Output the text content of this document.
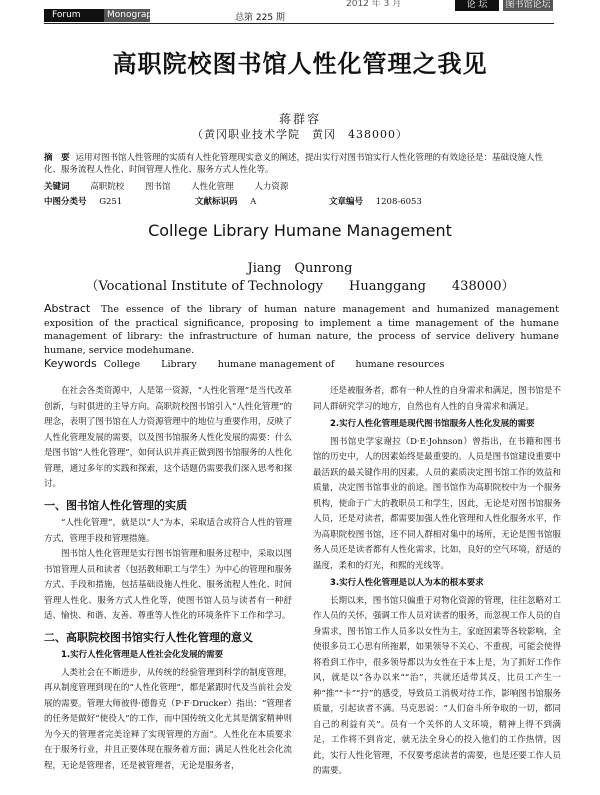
Forum	Monograph	总第 225 期
2012 年 3 月	论 坛	图书馆论坛
高职院校图书馆人性化管理之我见
蒋群容
（黄冈职业技术学院　黄冈　438000）
摘　要 运用对图书馆人性管理的实质有人性化管理现实意义的阐述，提出实行对图书馆实行人性化管理的有效途径是：基础设施人性化、服务流程人性化、时间管理人性化、服务方式人性化等。
关键词 高职院校 图书馆 人性化管理 人力资源
中图分类号 G251	文献标识码 A	文章编号 1208-6053
College Library Humane Management
Jiang　Qunrong
（Vocational Institute of Technology　　Huanggang　　438000）
Abstract The essence of the library of human nature management and humanized management exposition of the practical significance, proposing to implement a time management of the humane management of library: the infrastructure of human nature, the process of service delivery humane humane, service modehumane.
Keywords College Library humane management of humane resources

在社会各类资源中，人是第一资源，“人性化管理”是当代改革创新，与时俱进的主导方向。高职院校图书馆引入“人性化管理”的理念，表明了图书馆在人力资源管理中的地位与重要作用，反映了人性化管理发展的需要，以及图书馆服务人性化发展的需要：什么是图书馆“人性化管理”，如何认识并真正做到图书馆服务的人性化管理，通过多年的实践和探索，这个话题仍需要我们深入思考和探讨。

一、图书馆人性化管理的实质

“人性化管理”，就是以“人”为本，采取适合或符合人性的管理方式，管理手段和管理措施。

图书馆人性化管理是实行图书馆管理和服务过程中，采取以图书馆管理人员和读者（包括教师职工与学生）为中心的管理和服务方式、手段和措施，包括基础设施人性化、服务流程人性化、时间管理人性化、服务方式人性化等，使图书馆人员与读者有一种舒适、愉快、和谐、友善、尊重等人性化的环境条件下工作和学习。

二、高职院校图书馆实行人性化管理的意义
1.实行人性化管理是人性社会化发展的需要

人类社会在不断进步，从传统的经验管理到科学的制度管理，再从制度管理到现在的“人性化管理”，都是紧跟时代及当前社会发展的需要。管理大师彼得·德鲁克（P·F·Drucker）指出：“管理者的任务是做好“使役人”的工作，而中国传统文化尤其是儒家精神则为今天的管理者完美诠释了实现管理的方面”。人性化在本质要求在于服务行业，并且正要体现在服务着方面；满足人性化社会化流程，无论是管理者，还是被管理者，无论是服务者，

还是被服务者，都有一种人性的自身需求和满足，图书馆是不同人群研究学习的地方，自然也有人性的自身需求和满足。

2.实行人性化管理是现代图书馆服务人性化发展的需要

图书馆史学家谢拉（D·E·Johnson）曾指出，在书籍和图书馆的历史中，人的因素始终是最重要的。人员是图书馆建设重要中最活跃的最关键作用的因素，人员的素质决定图书馆工作的效益和质量，决定图书馆事业的前途。图书馆作为高职院校中为一个服务机构，使命于广大的教职员工和学生，因此，无论是对图书馆服务人员，还是对读者，都需要加强人性化管理和人性化服务水平，作为高职院校图书馆，还不同人群相对集中的场所，无论是图书馆服务人员还是读者都有人性化需求，比如，良好的空气环境，舒适的温度，柔和的灯光，和熙的光线等。

3.实行人性化管理是以人为本的根本要求

长期以来，图书馆只偏重于对物化资源的管理，往往忽略对工作人员的关怀，强调工作人员对读者的服务，而忽视工作人员的自身需求，图书馆工作人员多以女性为主，家庭因素等各较影响，全使很多员工心思有所拖累，如果领导不关心、不重视，可能会使得将看到工作中，很多领导都以为女性在于本上是，为了抓好工作作风，就是以“各办以来”“治”，共就还适带其反，比员工产生一种“推”“卡”“拧”的感受，导致员工消极对待工作，影响图书馆服务质量，引起读者不满。马克思说：“人们奋斗所争取的一切，都同自己的利益有关”。员有一个关怀的人文环境，精神上得不到满足，工作将不到肯定，就无法全身心的投入他们的工作热情，因此，实行人性化管理，不仅要考虑读者的需要，也是还要工作人员的需要。
